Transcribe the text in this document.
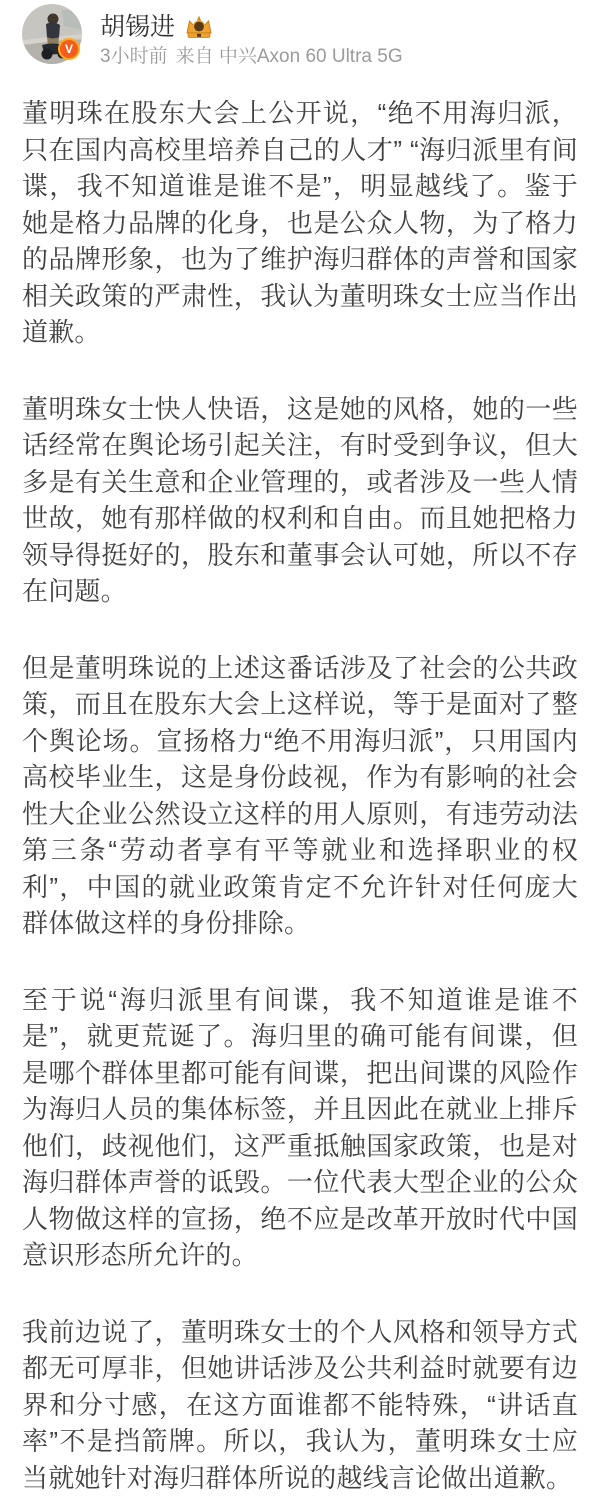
V
胡锡进
3小时前 来自 中兴Axon 60 Ultra 5G

董明珠在股东大会上公开说，“绝不用海归派，只在国内高校里培养自己的人才” “海归派里有间谍，我不知道谁是谁不是”，明显越线了。鉴于她是格力品牌的化身，也是公众人物，为了格力的品牌形象，也为了维护海归群体的声誉和国家相关政策的严肃性，我认为董明珠女士应当作出道歉。

董明珠女士快人快语，这是她的风格，她的一些话经常在舆论场引起关注，有时受到争议，但大多是有关生意和企业管理的，或者涉及一些人情世故，她有那样做的权利和自由。而且她把格力领导得挺好的，股东和董事会认可她，所以不存在问题。

但是董明珠说的上述这番话涉及了社会的公共政策，而且在股东大会上这样说，等于是面对了整个舆论场。宣扬格力“绝不用海归派”，只用国内高校毕业生，这是身份歧视，作为有影响的社会性大企业公然设立这样的用人原则，有违劳动法第三条“劳动者享有平等就业和选择职业的权利”，中国的就业政策肯定不允许针对任何庞大群体做这样的身份排除。

至于说“海归派里有间谍，我不知道谁是谁不是”，就更荒诞了。海归里的确可能有间谍，但是哪个群体里都可能有间谍，把出间谍的风险作为海归人员的集体标签，并且因此在就业上排斥他们，歧视他们，这严重抵触国家政策，也是对海归群体声誉的诋毁。一位代表大型企业的公众人物做这样的宣扬，绝不应是改革开放时代中国意识形态所允许的。

我前边说了，董明珠女士的个人风格和领导方式都无可厚非，但她讲话涉及公共利益时就要有边界和分寸感，在这方面谁都不能特殊，“讲话直率”不是挡箭牌。所以，我认为，董明珠女士应当就她针对海归群体所说的越线言论做出道歉。
